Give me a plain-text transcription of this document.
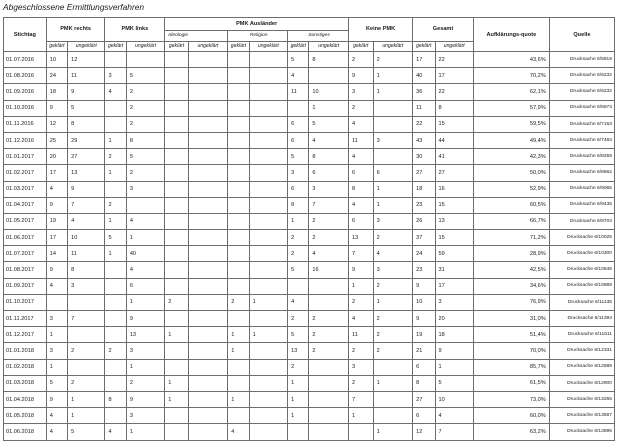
Abgeschlossene Ermittlungsverfahren
Stichtag	PMK rechts		PMK links		PMK Ausländer						Keine PMK		Gesamt		Aufklärungs-quote	Quelle
					Ideologie		Religion		Sonstiges							
	geklärt	ungeklärt	geklärt	ungeklärt	geklärt	ungeklärt	geklärt	ungeklärt	geklärt	ungeklärt	geklärt	ungeklärt	geklärt	ungeklärt		
01.07.2016	10	12							5	8	2	2	17	22	43,6%	Drucksache 6/5819
01.08.2016	24	11	3	5					4		9	1	40	17	70,2%	Drucksache 6/6232
01.09.2016	18	9	4	2					11	10	3	1	36	22	62,1%	Drucksache 6/6232
01.10.2016	9	5		2						1	2		11	8	57,9%	Drucksache 6/6874
01.11.2016	12	8		2					6	5	4		22	15	59,5%	Drucksache 6/7153
01.12.2016	25	29	1	8					6	4	11	3	43	44	49,4%	Drucksache 6/7484
01.01.2017	20	27	2	5					5	8	4		30	41	42,3%	Drucksache 6/8259
01.02.2017	17	13	1	2					3	6	6	6	27	27	50,0%	Drucksache 6/8662
01.03.2017	4	9		3					6	3	8	1	18	16	52,9%	Drucksache 6/9065
01.04.2017	9	7	2						8	7	4	1	23	15	60,5%	Drucksache 6/9435
01.05.2017	19	4	1	4					1	2	6	3	26	13	66,7%	Drucksache 6/9704
01.06.2017	17	10	5	1					2	2	13	2	37	15	71,2%	Drucksache 6/10025
01.07.2017	14	11	1	40					2	4	7	4	24	59	28,9%	Drucksache 6/10300
01.08.2017	9	8		4					5	16	9	3	23	31	42,5%	Drucksache 6/10546
01.09.2017	4	3		6							1	2	9	17	34,6%	Drucksache 6/10889
01.10.2017				1	2		2	1	4		2	1	10	3	76,9%	Drucksache 6/11135
01.11.2017	3	7		9					2	2	4	2	9	20	31,0%	Drucksache 6/11394
01.12.2017	1			13	1		1	1	5	2	11	2	19	18	51,4%	Drucksache 6/11611
01.01.2018	3	2	2	3			1		13	2	2	2	21	9	70,0%	Drucksache 6/12331
01.02.2018	1			1					2		3		6	1	85,7%	Drucksache 6/12589
01.03.2018	5	2		2	1				1		2	1	8	5	61,5%	Drucksache 6/12900
01.04.2018	9	1	8	9	1		1		1		7		27	10	73,0%	Drucksache 6/13255
01.05.2018	4	1		3					1		1		6	4	60,0%	Drucksache 6/13587
01.06.2018	4	5	4	1			4					1	12	7	63,2%	Drucksache 6/13895
